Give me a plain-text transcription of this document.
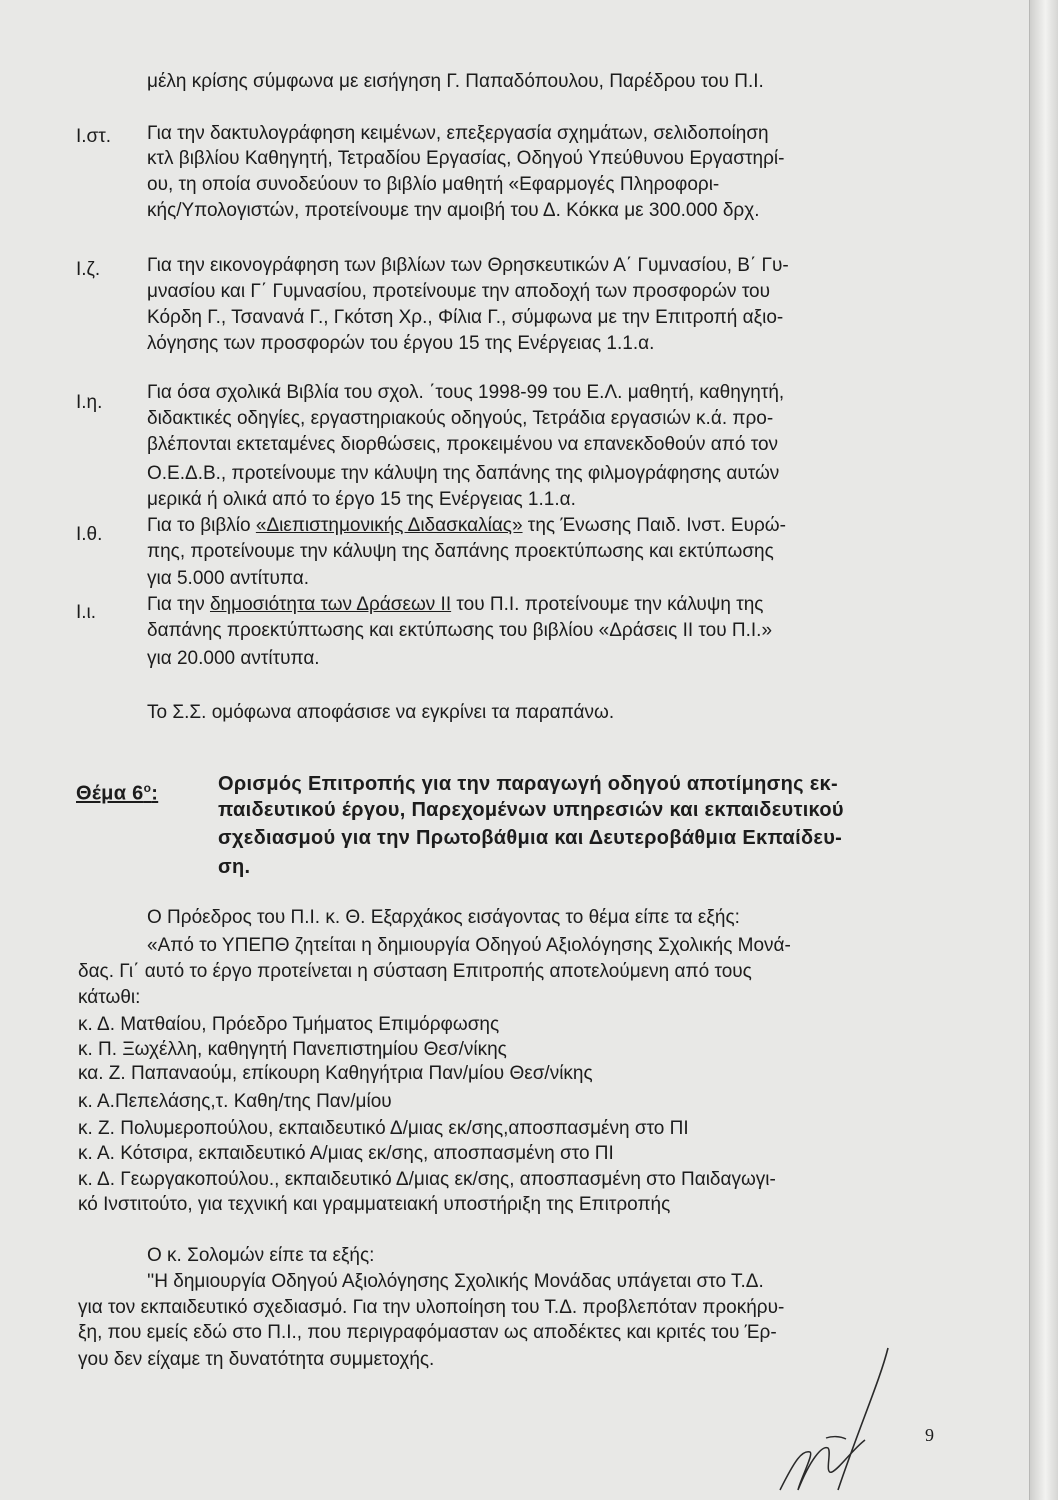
μέλη κρίσης σύμφωνα με εισήγηση Γ. Παπαδόπουλου, Παρέδρου του Π.Ι.

Ι.στ. Για την δακτυλογράφηση κειμένων, επεξεργασία σχημάτων, σελιδοποίηση

κτλ βιβλίου Καθηγητή, Τετραδίου Εργασίας, Οδηγού Υπεύθυνου Εργαστηρί-

ου, τη οποία συνοδεύουν το βιβλίο μαθητή «Εφαρμογές Πληροφορι-

κής/Υπολογιστών, προτείνουμε την αμοιβή του Δ. Κόκκα με 300.000 δρχ.

Ι.ζ. Για την εικονογράφηση των βιβλίων των Θρησκευτικών Α΄ Γυμνασίου, Β΄ Γυ-

μνασίου και Γ΄ Γυμνασίου, προτείνουμε την αποδοχή των προσφορών του

Κόρδη Γ., Τσανανά Γ., Γκότση Χρ., Φίλια Γ., σύμφωνα με την Επιτροπή αξιο-

λόγησης των προσφορών του έργου 15 της Ενέργειας 1.1.α.

Ι.η. Για όσα σχολικά Βιβλία του σχολ. ΄τους 1998-99 του Ε.Λ. μαθητή, καθηγητή,

διδακτικές οδηγίες, εργαστηριακούς οδηγούς, Τετράδια εργασιών κ.ά. προ-

βλέπονται εκτεταμένες διορθώσεις, προκειμένου να επανεκδοθούν από τον

Ο.Ε.Δ.Β., προτείνουμε την κάλυψη της δαπάνης της φιλμογράφησης αυτών

μερικά ή ολικά από το έργο 15 της Ενέργειας 1.1.α.

Ι.θ. Για το βιβλίο «Διεπιστημονικής Διδασκαλίας» της Ένωσης Παιδ. Ινστ. Ευρώ-

πης, προτείνουμε την κάλυψη της δαπάνης προεκτύπωσης και εκτύπωσης

για 5.000 αντίτυπα.

Ι.ι.	Για την δημοσιότητα των Δράσεων ΙΙ του Π.Ι. προτείνουμε την κάλυψη της

δαπάνης προεκτύπτωσης και εκτύπωσης του βιβλίου «Δράσεις ΙΙ του Π.Ι.»

για 20.000 αντίτυπα.

Το Σ.Σ. ομόφωνα αποφάσισε να εγκρίνει τα παραπάνω.

Θέμα $6^o$:	Ορισμός Επιτροπής για την παραγωγή οδηγού αποτίμησης εκ-

παιδευτικού έργου, Παρεχομένων υπηρεσιών και εκπαιδευτικού

σχεδιασμού για την Πρωτοβάθμια και Δευτεροβάθμια Εκπαίδευ-

ση.

Ο Πρόεδρος του Π.Ι. κ. Θ. Εξαρχάκος εισάγοντας το θέμα είπε τα εξής:

«Από το ΥΠΕΠΘ ζητείται η δημιουργία Οδηγού Αξιολόγησης Σχολικής Μονά-

δας. Γι΄ αυτό το έργο προτείνεται η σύσταση Επιτροπής αποτελούμενη από τους

κάτωθι:

κ. Δ. Ματθαίου, Πρόεδρο Τμήματος Επιμόρφωσης

κ. Π. Ξωχέλλη, καθηγητή Πανεπιστημίου Θεσ/νίκης

κα. Ζ. Παπαναούμ, επίκουρη Καθηγήτρια Παν/μίου Θεσ/νίκης

κ. Α.Πεπελάσης,τ. Καθη/της Παν/μίου

κ. Ζ. Πολυμεροπούλου, εκπαιδευτικό Δ/μιας εκ/σης,αποσπασμένη στο ΠΙ

κ. Α. Κότσιρα, εκπαιδευτικό Α/μιας εκ/σης, αποσπασμένη στο ΠΙ

κ. Δ. Γεωργακοπούλου., εκπαιδευτικό Δ/μιας εκ/σης, αποσπασμένη στο Παιδαγωγι-

κό Ινστιτούτο, για τεχνική και γραμματειακή υποστήριξη της Επιτροπής

Ο κ. Σολομών είπε τα εξής:

''Η δημιουργία Οδηγού Αξιολόγησης Σχολικής Μονάδας υπάγεται στο Τ.Δ.

για τον εκπαιδευτικό σχεδιασμό. Για την υλοποίηση του Τ.Δ. προβλεπόταν προκήρυ-

ξη, που εμείς εδώ στο Π.Ι., που περιγραφόμασταν ως αποδέκτες και κριτές του Έρ-

γου δεν είχαμε τη δυνατότητα συμμετοχής.

9
